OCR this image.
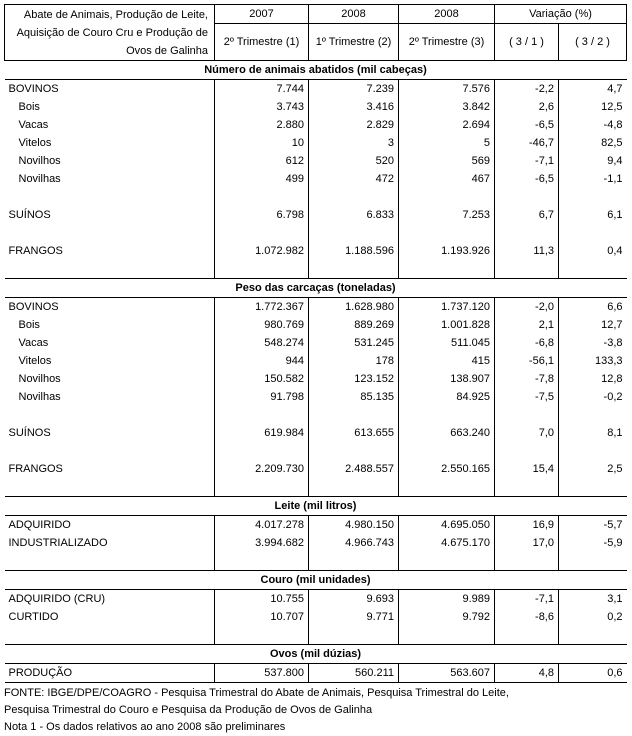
Abate de Animais, Produção de Leite,
Aquisição de Couro Cru e Produção de
Ovos de Galinha	2007	2008	2008	Variação (%)	
	2º Trimestre (1)	1º Trimestre (2)	2º Trimestre (3)	( 3 / 1 )	( 3 / 2 )
Número de animais abatidos (mil cabeças)					
BOVINOS	7.744	7.239	7.576	-2,2	4,7
Bois	3.743	3.416	3.842	2,6	12,5
Vacas	2.880	2.829	2.694	-6,5	-4,8
Vitelos	10	3	5	-46,7	82,5
Novilhos	612	520	569	-7,1	9,4
Novilhas	499	472	467	-6,5	-1,1

SUÍNOS	6.798	6.833	7.253	6,7	6,1

FRANGOS	1.072.982	1.188.596	1.193.926	11,3	0,4

Peso das carcaças (toneladas)					
BOVINOS	1.772.367	1.628.980	1.737.120	-2,0	6,6
Bois	980.769	889.269	1.001.828	2,1	12,7
Vacas	548.274	531.245	511.045	-6,8	-3,8
Vitelos	944	178	415	-56,1	133,3
Novilhos	150.582	123.152	138.907	-7,8	12,8
Novilhas	91.798	85.135	84.925	-7,5	-0,2

SUÍNOS	619.984	613.655	663.240	7,0	8,1

FRANGOS	2.209.730	2.488.557	2.550.165	15,4	2,5

Leite (mil litros)					
ADQUIRIDO	4.017.278	4.980.150	4.695.050	16,9	-5,7
INDUSTRIALIZADO	3.994.682	4.966.743	4.675.170	17,0	-5,9

Couro (mil unidades)					
ADQUIRIDO (CRU)	10.755	9.693	9.989	-7,1	3,1
CURTIDO	10.707	9.771	9.792	-8,6	0,2

Ovos (mil dúzias)					
PRODUÇÃO	537.800	560.211	563.607	4,8	0,6
FONTE: IBGE/DPE/COAGRO - Pesquisa Trimestral do Abate de Animais, Pesquisa Trimestral do Leite,
Pesquisa Trimestral do Couro e Pesquisa da Produção de Ovos de Galinha
Nota 1 - Os dados relativos ao ano 2008 são preliminares
